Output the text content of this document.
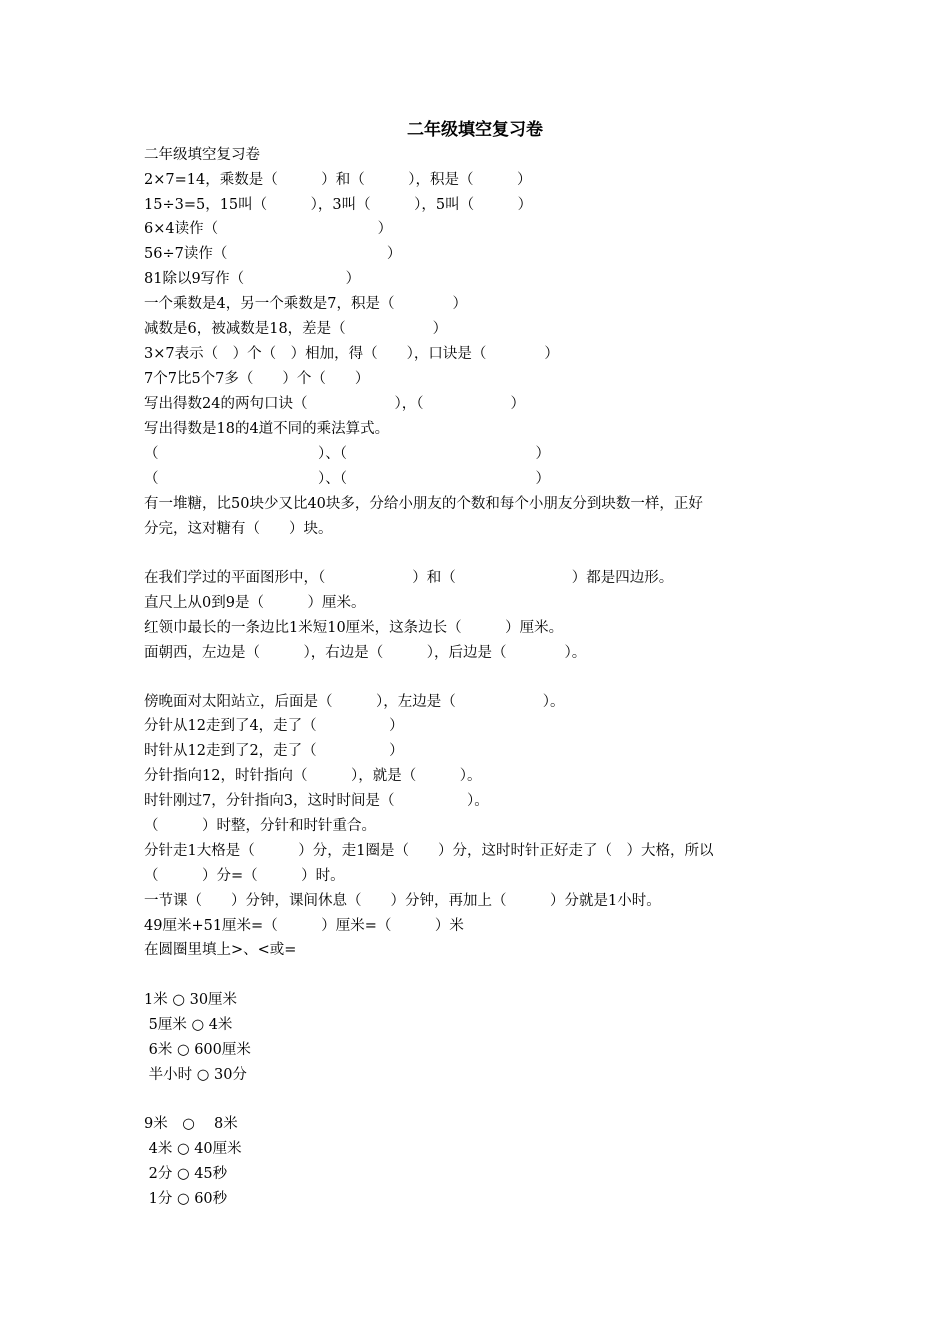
二年级填空复习卷
二年级填空复习卷
2×7=14，乘数是（　　　）和（　　　），积是（　　　）
15÷3=5，15叫（　　　），3叫（　　　），5叫（　　　）
6×4读作（　　　　　　　　　　　）
56÷7读作（　　　　　　　　　　　）
81除以9写作（　　　　　　　）
一个乘数是4，另一个乘数是7，积是（　　　　）
减数是6，被减数是18，差是（　　　　　　）
3×7表示（　）个（　）相加，得（　　），口诀是（　　　　）
7个7比5个7多（　　）个（　　）
写出得数24的两句口诀（　　　　　　），（　　　　　　）
写出得数是18的4道不同的乘法算式。
（　　　　　　　　　　　）、（　　　　　　　　　　　　　）
（　　　　　　　　　　　）、（　　　　　　　　　　　　　）
有一堆糖，比50块少又比40块多，分给小朋友的个数和每个小朋友分到块数一样，正好
分完，这对糖有（　　）块。
在我们学过的平面图形中，（　　　　　　）和（　　　　　　　　）都是四边形。
直尺上从0到9是（　　　）厘米。
红领巾最长的一条边比1米短10厘米，这条边长（　　　）厘米。
面朝西，左边是（　　　），右边是（　　　），后边是（　　　　）。
傍晚面对太阳站立，后面是（　　　），左边是（　　　　　　）。
分针从12走到了4，走了（　　　　　）
时针从12走到了2，走了（　　　　　）
分针指向12，时针指向（　　　），就是（　　　）。
时针刚过7，分针指向3，这时时间是（　　　　　）。
（　　　）时整，分针和时针重合。
分针走1大格是（　　　）分，走1圈是（　　）分，这时时针正好走了（　）大格，所以
（　　　）分=（　　　）时。
一节课（　　）分钟，课间休息（　　）分钟，再加上（　　　）分就是1小时。
49厘米+51厘米=（　　　）厘米=（　　　）米
在圆圈里填上>、<或=
1米 ○ 30厘米
5厘米 ○ 4米
6米 ○ 600厘米
半小时 ○ 30分
9米　○　 8米
4米 ○ 40厘米
2分 ○ 45秒
1分 ○ 60秒
